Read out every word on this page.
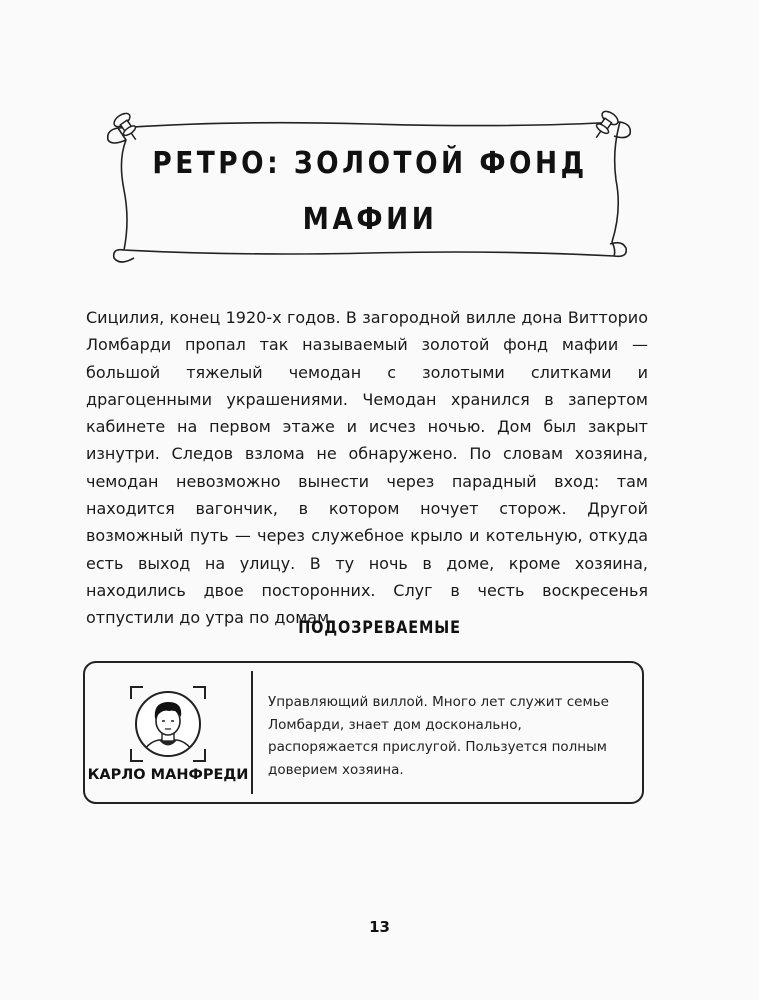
РЕТРО: ЗОЛОТОЙ ФОНД МАФИИ

Сицилия, конец 1920-х годов. В загородной вилле дона Витторио Ломбарди пропал так называемый золотой фонд мафии — большой тяжелый чемодан с золотыми слитками и драгоценными украшениями. Чемодан хранился в запертом кабинете на первом этаже и исчез ночью. Дом был закрыт изнутри. Следов взлома не обнаружено. По словам хозяина, чемодан невозможно вынести через парадный вход: там находится вагончик, в котором ночует сторож. Другой возможный путь — через служебное крыло и котельную, откуда есть выход на улицу. В ту ночь в доме, кроме хозяина, находились двое посторонних. Слуг в честь воскресенья отпустили до утра по домам.

ПОДОЗРЕВАЕМЫЕ
КАРЛО МАНФРЕДИ

Управляющий виллой. Много лет служит семье Ломбарди, знает дом досконально, распоряжается прислугой. Пользуется полным доверием хозяина.

13
